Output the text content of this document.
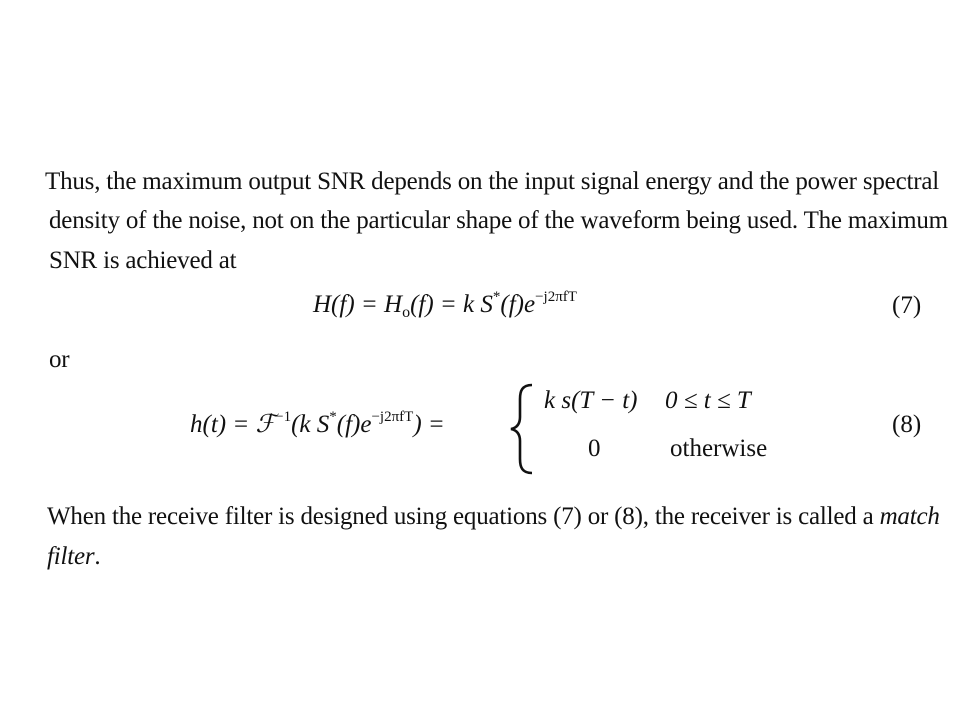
Thus, the maximum output SNR depends on the input signal energy and the power spectral
density of the noise, not on the particular shape of the waveform being used. The maximum
SNR is achieved at
$H(f) = H_o(f) = k$ $S^*(f)e^{-j2\pi fT}$	(7)
or
h(t) = ℱ$^{-1}$(k $S^*(f)e^{-j2\pi fT}$) =
k s(T − t) 0 ≤ t ≤ T
0	otherwise
(8)
When the receive filter is designed using equations (7) or (8), the receiver is called a match
filter.
